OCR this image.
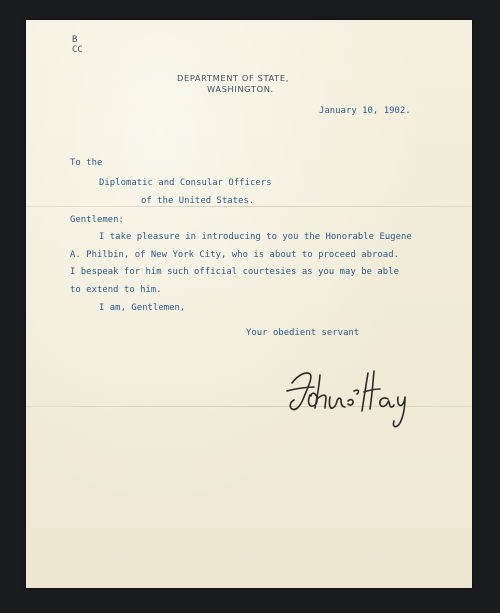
B

CC

DEPARTMENT OF STATE,

WASHINGTON.

January 10, 1902.

To the

Diplomatic and Consular Officers

of the United States.

Gentlemen:

I take pleasure in introducing to you the Honorable Eugene

A. Philbin, of New York City, who is about to proceed abroad.

I bespeak for him such official courtesies as you may be able

to extend to him.

I am, Gentlemen,

Your obedient servant
